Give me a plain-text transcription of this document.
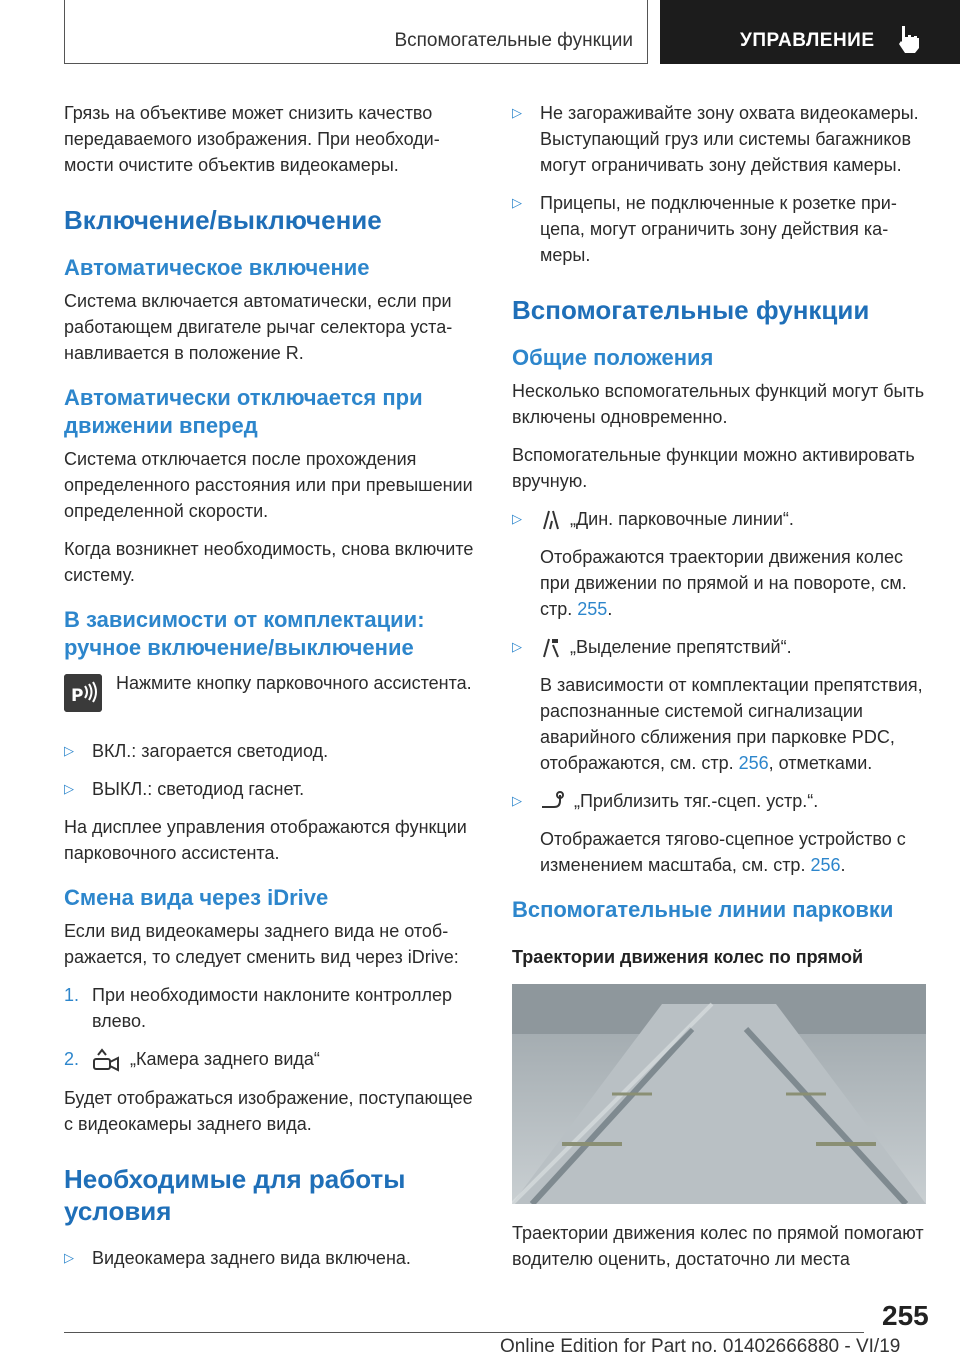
Вспомогательные функции	УПРАВЛЕНИЕ

Грязь на объективе может снизить качество передаваемого изображения. При необходимости очистите объектив видеокамеры.

Включение/выключение
Автоматическое включение

Система включается автоматически, если при работающем двигателе рычаг селектора устанавливается в положение R.

Автоматически отключается при движении вперед

Система отключается после прохождения определенного расстояния или при превышении определенной скорости.

Когда возникнет необходимость, снова включите систему.

В зависимости от комплектации: ручное включение/выключение
P

Нажмите кнопку парковочного ассистента.

▷ ВКЛ.: загорается светодиод.
▷ ВЫКЛ.: светодиод гаснет.

На дисплее управления отображаются функции парковочного ассистента.

Смена вида через iDrive

Если вид видеокамеры заднего вида не отображается, то следует сменить вид через iDrive:

1. При необходимости наклоните контроллер влево.
2.	„Камера заднего вида“

Будет отображаться изображение, поступающее с видеокамеры заднего вида.

Необходимые для работы условия
▷ Видеокамера заднего вида включена.
▷ Не загораживайте зону охвата видеокамеры. Выступающий груз или системы багажников могут ограничивать зону действия камеры.
▷ Прицепы, не подключенные к розетке прицепа, могут ограничить зону действия камеры.
Вспомогательные функции
Общие положения

Несколько вспомогательных функций могут быть включены одновременно.

Вспомогательные функции можно активировать вручную.

▷	„Дин. парковочные линии“.
Отображаются траектории движения колес при движении по прямой и на повороте, см. стр. 255.
▷	„Выделение препятствий“.
В зависимости от комплектации препятствия, распознанные системой сигнализации аварийного сближения при парковке PDC, отображаются, см. стр. 256, отметками.
▷	„Приблизить тяг.-сцеп. устр.“.
Отображается тягово-сцепное устройство с изменением масштаба, см. стр. 256.
Вспомогательные линии парковки
Траектории движения колес по прямой

Траектории движения колес по прямой помогают водителю оценить, достаточно ли места

255
Online Edition for Part no. 01402666880 - VI/19
